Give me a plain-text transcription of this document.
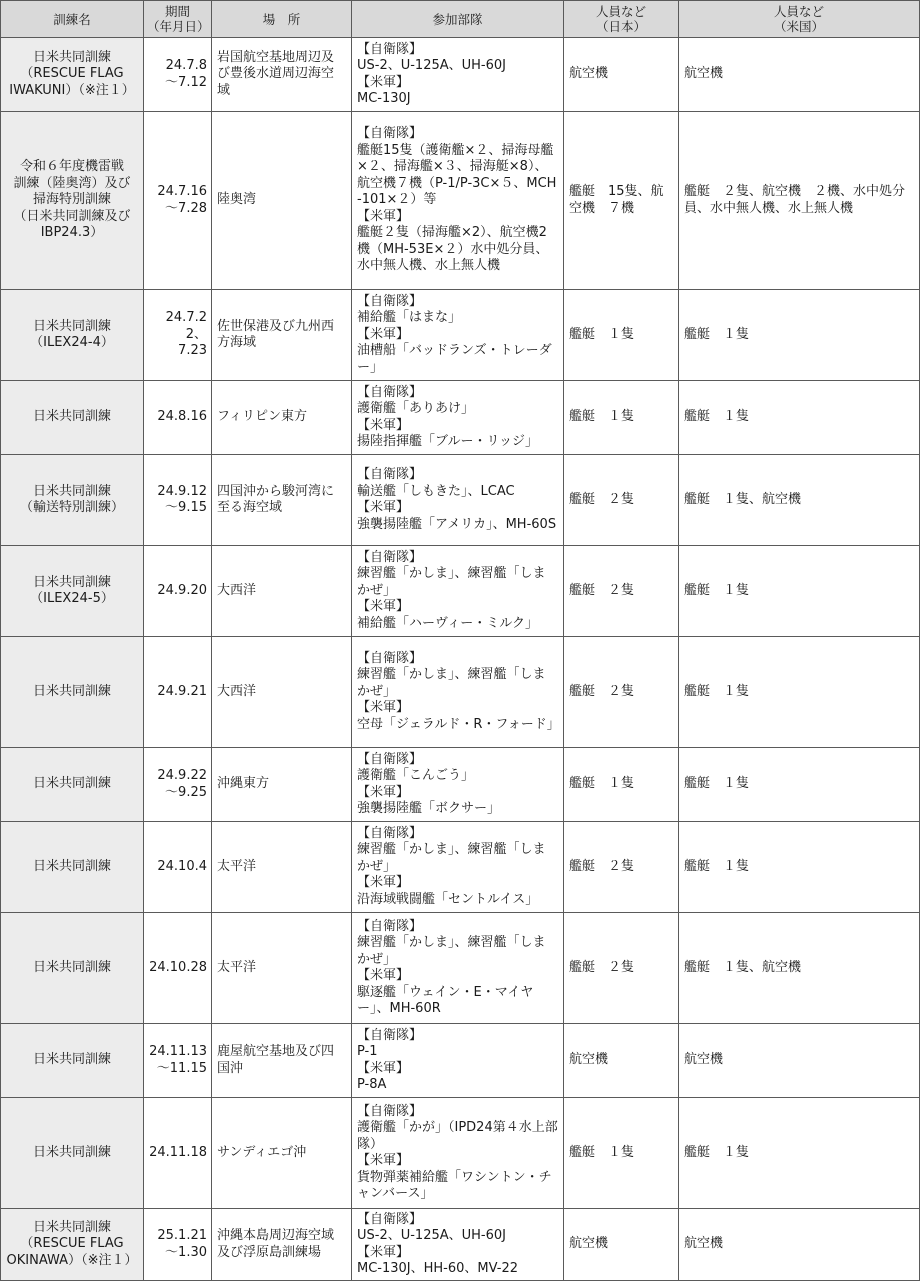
訓練名	期間
（年月日）	場　所	参加部隊	人員など
（日本）	人員など
（米国）

日米共同訓練
（RESCUE FLAG
IWAKUNI）（※注１）	24.7.8
～7.12	岩国航空基地周辺及び豊後水道周辺海空域	【自衛隊】
US-2、U-125A、UH-60J
【米軍】
MC-130J	航空機	航空機

令和６年度機雷戦
訓練（陸奥湾）及び
掃海特別訓練
（日米共同訓練及び
IBP24.3）	24.7.16
～7.28	陸奥湾	【自衛隊】
艦艇15隻（護衛艦×２、掃海母艦×２、掃海艦×３、掃海艇×8）、航空機７機（P-1/P-3C×５、MCH-101×２）等
【米軍】
艦艇２隻（掃海艦×2）、航空機2機（MH-53E×２）水中処分員、水中無人機、水上無人機	艦艇　15隻、航空機　７機	艦艇　２隻、航空機　２機、水中処分員、水中無人機、水上無人機

日米共同訓練
（ILEX24-4）	24.7.22、
7.23	佐世保港及び九州西方海域	【自衛隊】
補給艦「はまな」
【米軍】
油槽船「バッドランズ・トレーダー」	艦艇　１隻	艦艇　１隻

日米共同訓練	24.8.16	フィリピン東方	【自衛隊】
護衛艦「ありあけ」
【米軍】
揚陸指揮艦「ブルー・リッジ」	艦艇　１隻	艦艇　１隻

日米共同訓練
（輸送特別訓練）	24.9.12
～9.15	四国沖から駿河湾に至る海空域	【自衛隊】
輸送艦「しもきた」、LCAC
【米軍】
強襲揚陸艦「アメリカ」、MH-60S	艦艇　２隻	艦艇　１隻、航空機

日米共同訓練
（ILEX24-5）	24.9.20	大西洋	【自衛隊】
練習艦「かしま」、練習艦「しまかぜ」
【米軍】
補給艦「ハーヴィー・ミルク」	艦艇　２隻	艦艇　１隻

日米共同訓練	24.9.21	大西洋	【自衛隊】
練習艦「かしま」、練習艦「しまかぜ」
【米軍】
空母「ジェラルド・R・フォード」	艦艇　２隻	艦艇　１隻

日米共同訓練	24.9.22
～9.25	沖縄東方	【自衛隊】
護衛艦「こんごう」
【米軍】
強襲揚陸艦「ボクサー」	艦艇　１隻	艦艇　１隻

日米共同訓練	24.10.4	太平洋	【自衛隊】
練習艦「かしま」、練習艦「しまかぜ」
【米軍】
沿海域戦闘艦「セントルイス」	艦艇　２隻	艦艇　１隻

日米共同訓練	24.10.28	太平洋	【自衛隊】
練習艦「かしま」、練習艦「しまかぜ」
【米軍】
駆逐艦「ウェイン・E・マイヤー」、MH-60R	艦艇　２隻	艦艇　１隻、航空機

日米共同訓練	24.11.13
～11.15	鹿屋航空基地及び四国沖	【自衛隊】
P-1
【米軍】
P-8A	航空機	航空機

日米共同訓練	24.11.18	サンディエゴ沖	【自衛隊】
護衛艦「かが」（IPD24第４水上部隊）
【米軍】
貨物弾薬補給艦「ワシントン・チャンバース」	艦艇　１隻	艦艇　１隻

日米共同訓練
（RESCUE FLAG
OKINAWA）（※注１）	25.1.21
～1.30	沖縄本島周辺海空域及び浮原島訓練場	【自衛隊】
US-2、U-125A、UH-60J
【米軍】
MC-130J、HH-60、MV-22	航空機	航空機
